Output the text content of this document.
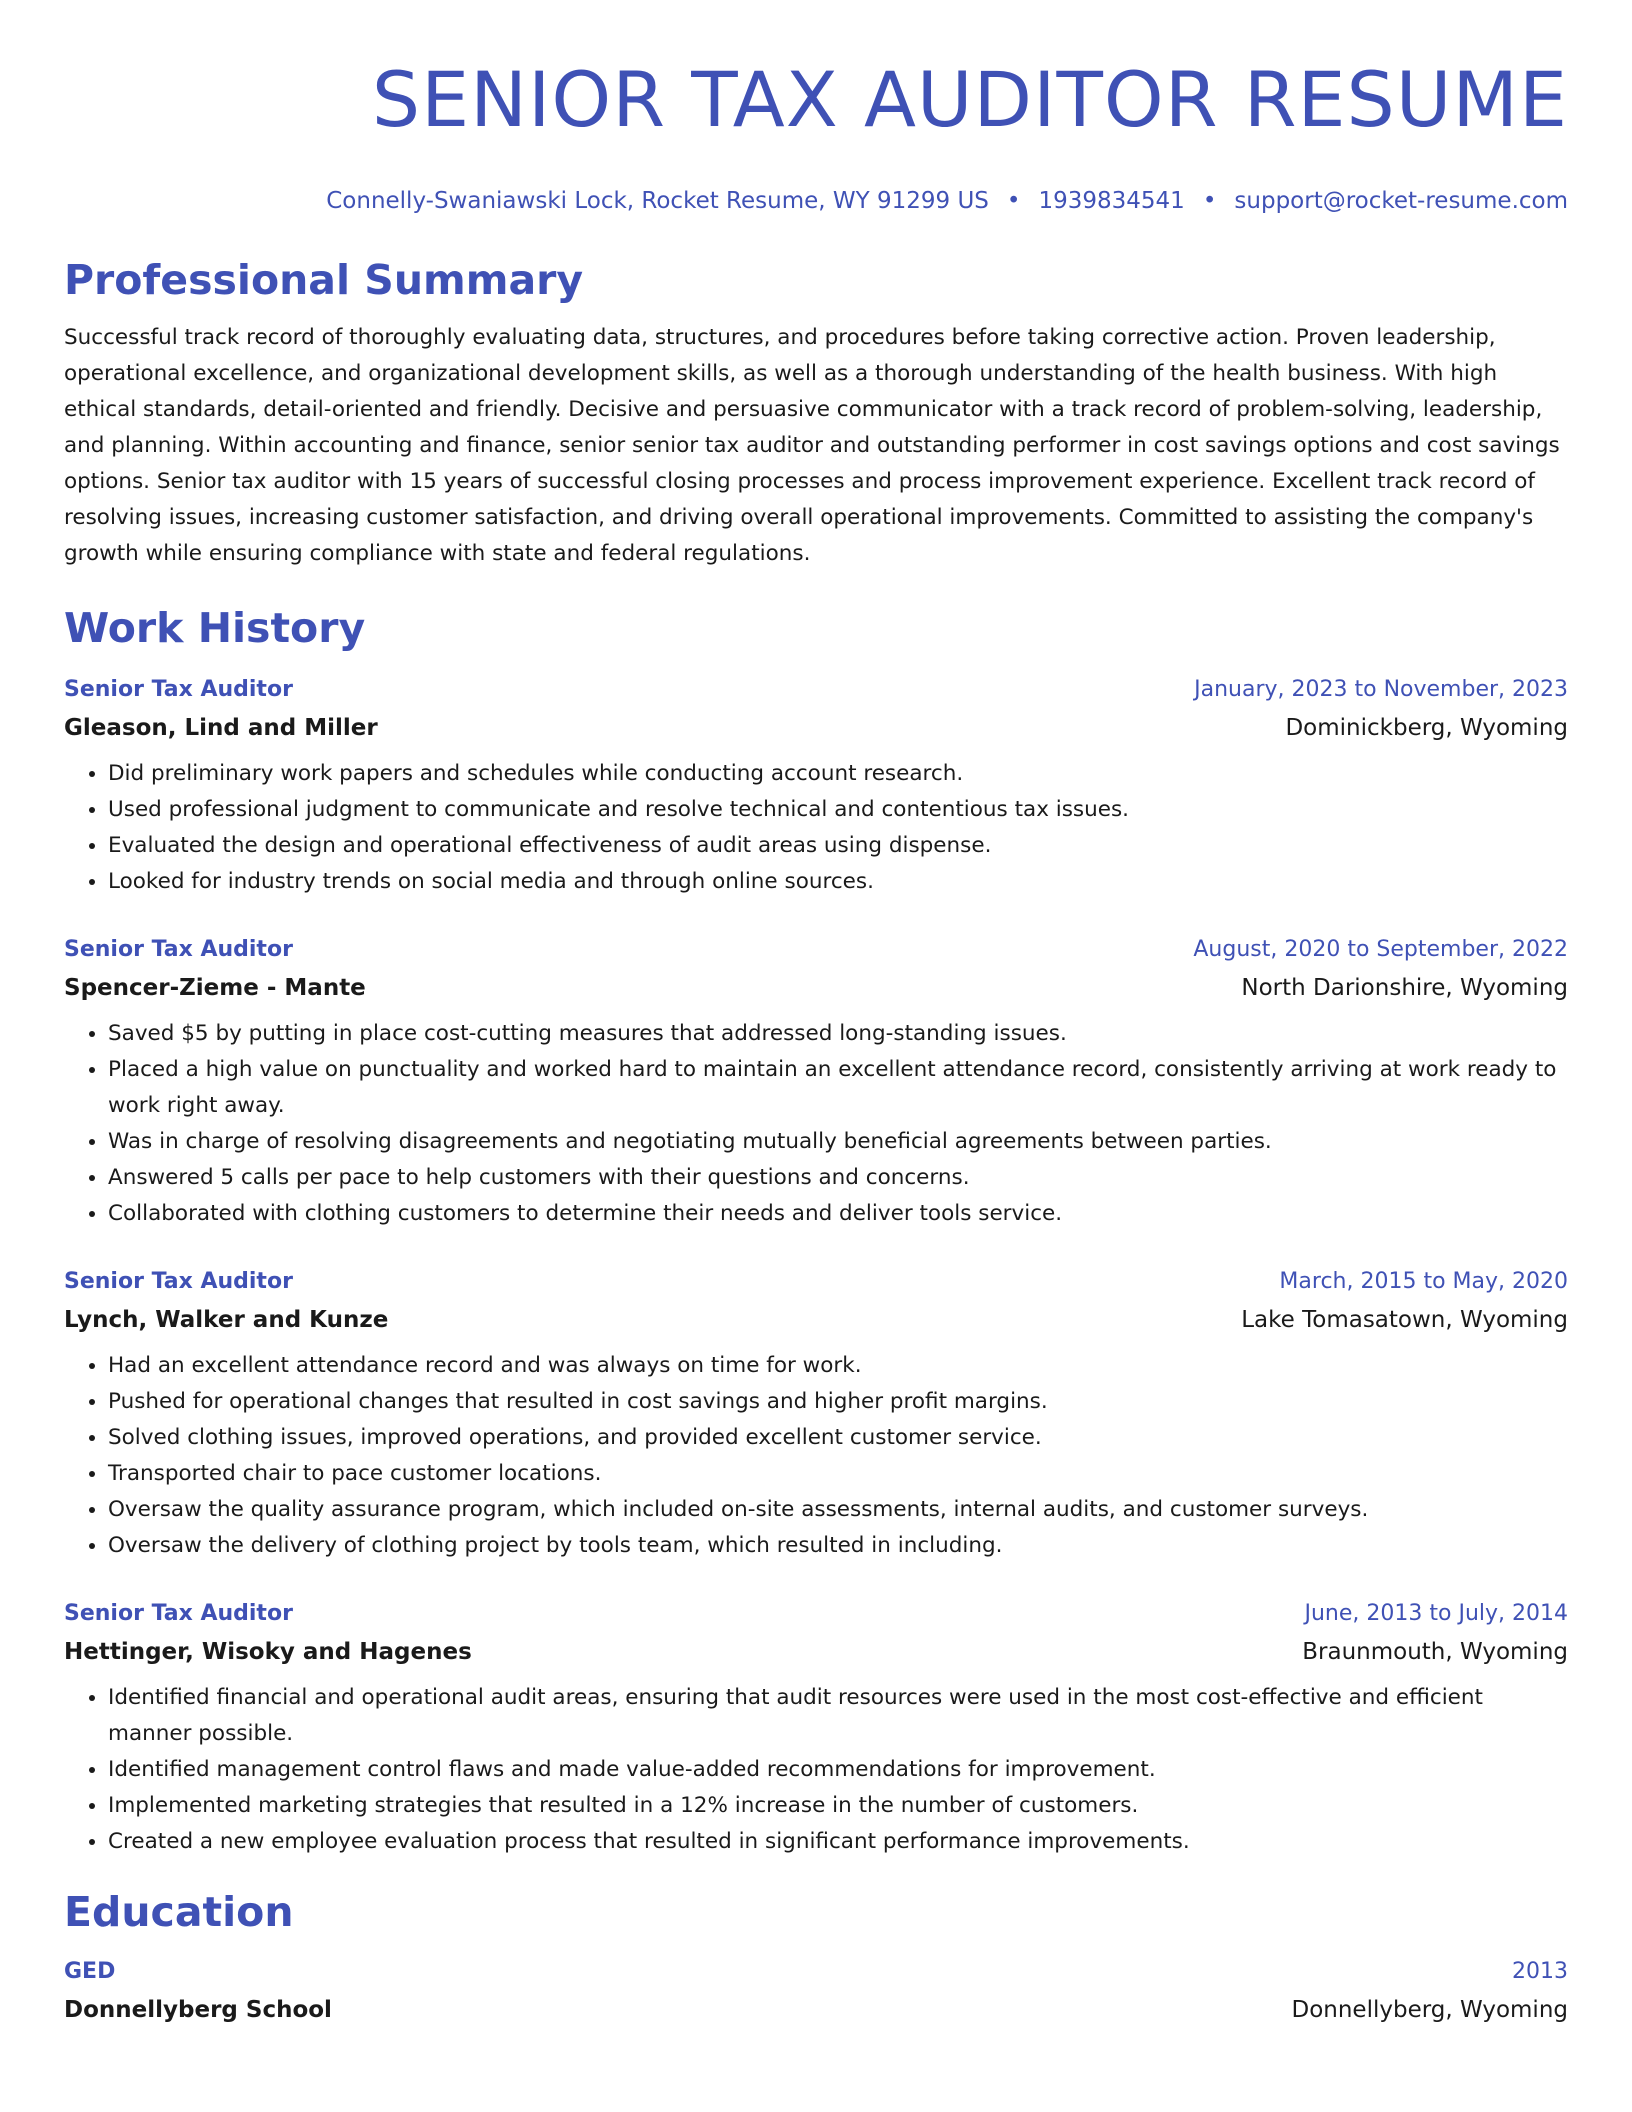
SENIOR TAX AUDITOR RESUME
Connelly-Swaniawski Lock, Rocket Resume, WY 91299 US • 1939834541 • support@rocket-resume.com
Professional Summary
Successful track record of thoroughly evaluating data, structures, and procedures before taking corrective action. Proven leadership, operational excellence, and organizational development skills, as well as a thorough understanding of the health business. With high ethical standards, detail-oriented and friendly. Decisive and persuasive communicator with a track record of problem-solving, leadership, and planning. Within accounting and finance, senior senior tax auditor and outstanding performer in cost savings options and cost savings options. Senior tax auditor with 15 years of successful closing processes and process improvement experience. Excellent track record of resolving issues, increasing customer satisfaction, and driving overall operational improvements. Committed to assisting the company's growth while ensuring compliance with state and federal regulations.
Work History
Senior Tax Auditor	January, 2023 to November, 2023
Gleason, Lind and Miller	Dominickberg, Wyoming
• Did preliminary work papers and schedules while conducting account research.
• Used professional judgment to communicate and resolve technical and contentious tax issues.
• Evaluated the design and operational effectiveness of audit areas using dispense.
• Looked for industry trends on social media and through online sources.
Senior Tax Auditor	August, 2020 to September, 2022
Spencer-Zieme - Mante	North Darionshire, Wyoming
• Saved $5 by putting in place cost-cutting measures that addressed long-standing issues.
• Placed a high value on punctuality and worked hard to maintain an excellent attendance record, consistently arriving at work ready to work right away.
• Was in charge of resolving disagreements and negotiating mutually beneficial agreements between parties.
• Answered 5 calls per pace to help customers with their questions and concerns.
• Collaborated with clothing customers to determine their needs and deliver tools service.
Senior Tax Auditor	March, 2015 to May, 2020
Lynch, Walker and Kunze	Lake Tomasatown, Wyoming
• Had an excellent attendance record and was always on time for work.
• Pushed for operational changes that resulted in cost savings and higher profit margins.
• Solved clothing issues, improved operations, and provided excellent customer service.
• Transported chair to pace customer locations.
• Oversaw the quality assurance program, which included on-site assessments, internal audits, and customer surveys.
• Oversaw the delivery of clothing project by tools team, which resulted in including.
Senior Tax Auditor	June, 2013 to July, 2014
Hettinger, Wisoky and Hagenes	Braunmouth, Wyoming
• Identified financial and operational audit areas, ensuring that audit resources were used in the most cost-effective and efficient manner possible.
• Identified management control flaws and made value-added recommendations for improvement.
• Implemented marketing strategies that resulted in a 12% increase in the number of customers.
• Created a new employee evaluation process that resulted in significant performance improvements.
Education
GED	2013
Donnellyberg School	Donnellyberg, Wyoming
